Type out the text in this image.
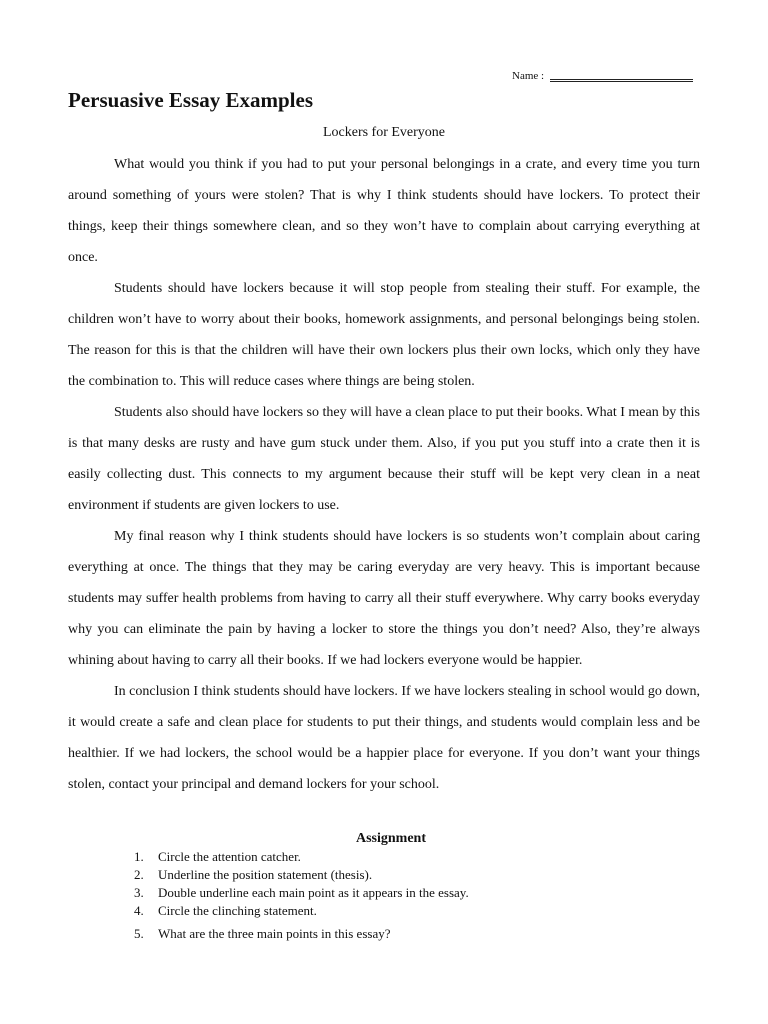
Name :
Persuasive Essay Examples
Lockers for Everyone

What would you think if you had to put your personal belongings in a crate, and every time you turn around something of yours were stolen? That is why I think students should have lockers. To protect their things, keep their things somewhere clean, and so they won’t have to complain about carrying everything at once.

Students should have lockers because it will stop people from stealing their stuff. For example, the children won’t have to worry about their books, homework assignments, and personal belongings being stolen. The reason for this is that the children will have their own lockers plus their own locks, which only they have the combination to. This will reduce cases where things are being stolen.

Students also should have lockers so they will have a clean place to put their books. What I mean by this is that many desks are rusty and have gum stuck under them. Also, if you put you stuff into a crate then it is easily collecting dust. This connects to my argument because their stuff will be kept very clean in a neat environment if students are given lockers to use.

My final reason why I think students should have lockers is so students won’t complain about caring everything at once. The things that they may be caring everyday are very heavy. This is important because students may suffer health problems from having to carry all their stuff everywhere. Why carry books everyday why you can eliminate the pain by having a locker to store the things you don’t need? Also, they’re always whining about having to carry all their books. If we had lockers everyone would be happier.

In conclusion I think students should have lockers. If we have lockers stealing in school would go down, it would create a safe and clean place for students to put their things, and students would complain less and be healthier. If we had lockers, the school would be a happier place for everyone. If you don’t want your things stolen, contact your principal and demand lockers for your school.

Assignment
1.	Circle the attention catcher.
2.	Underline the position statement (thesis).
3.	Double underline each main point as it appears in the essay.
4.	Circle the clinching statement.
5.	What are the three main points in this essay?
